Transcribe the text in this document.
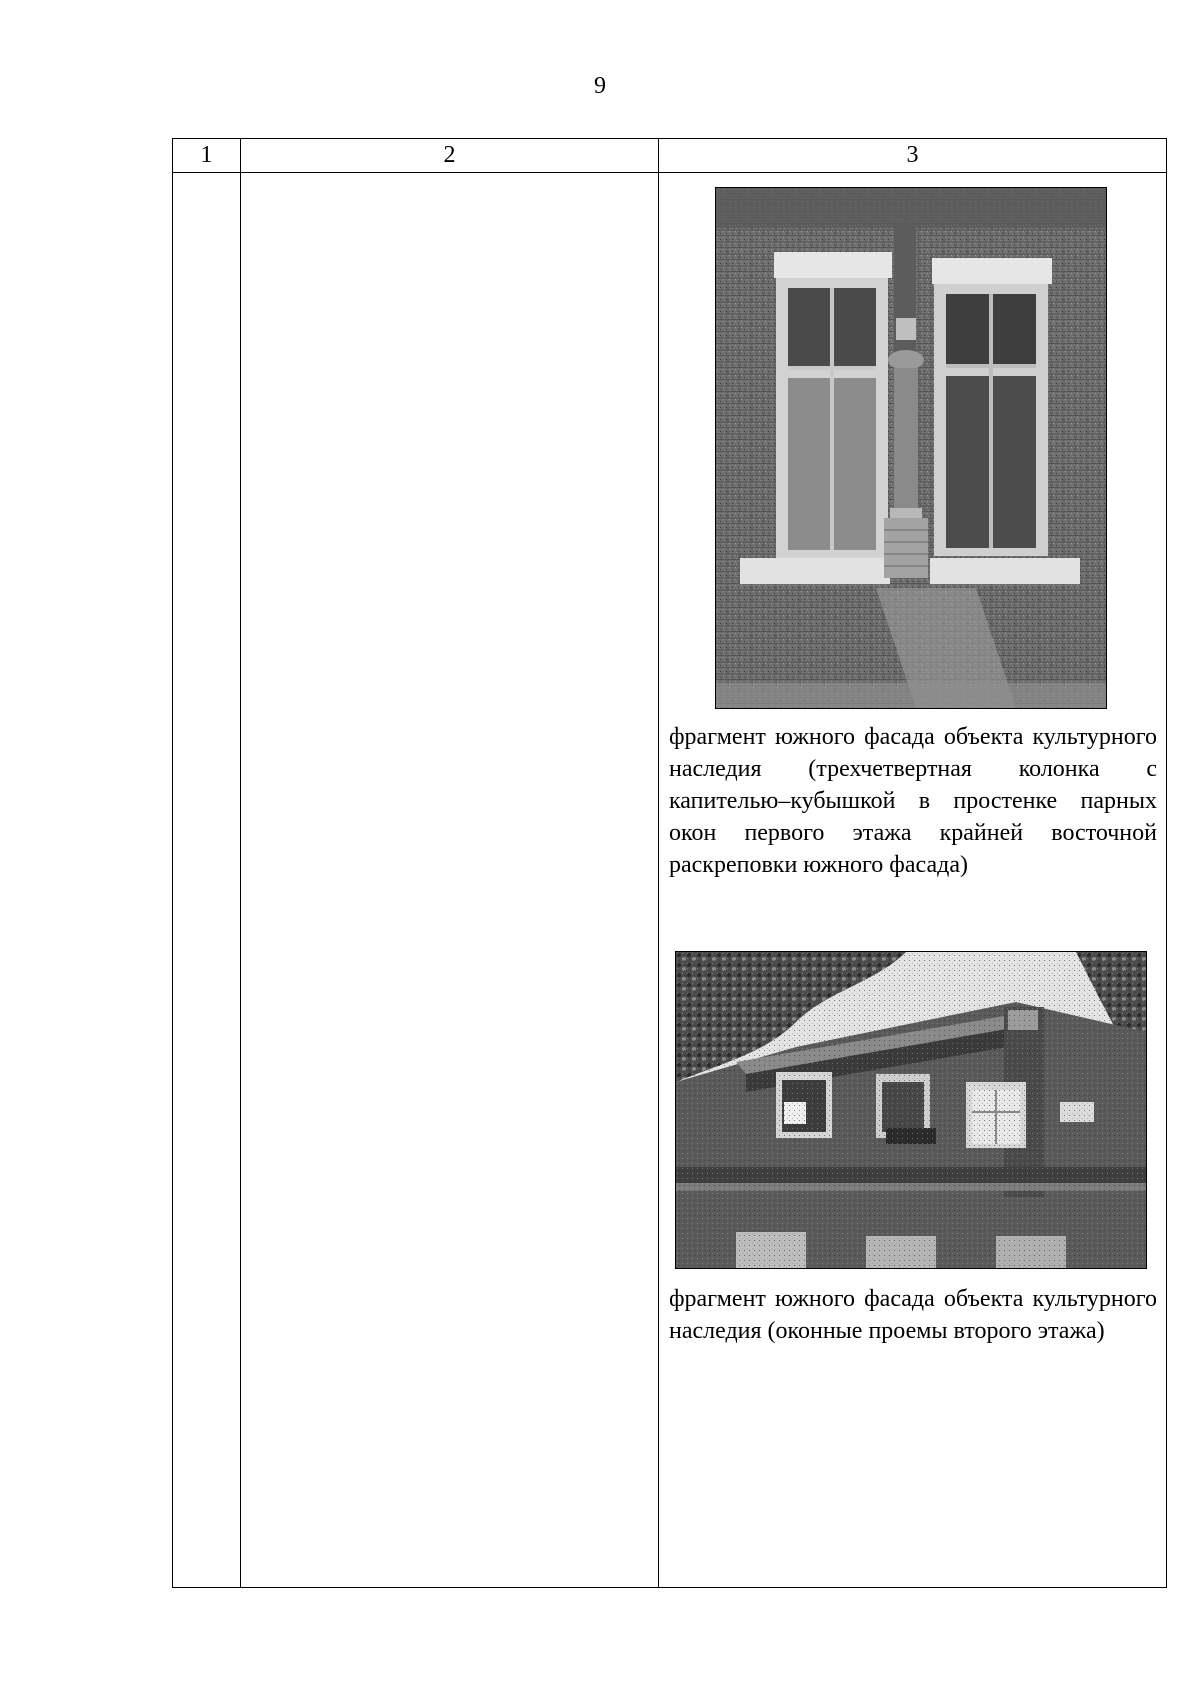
9
1	2	3

		фрагмент южного фасада объекта культурного наследия (трехчетвертная колонка с капителью–кубышкой в простенке парных окон первого этажа крайней восточной раскреповки южного фасада)
фрагмент южного фасада объекта культурного наследия (оконные проемы второго этажа)
